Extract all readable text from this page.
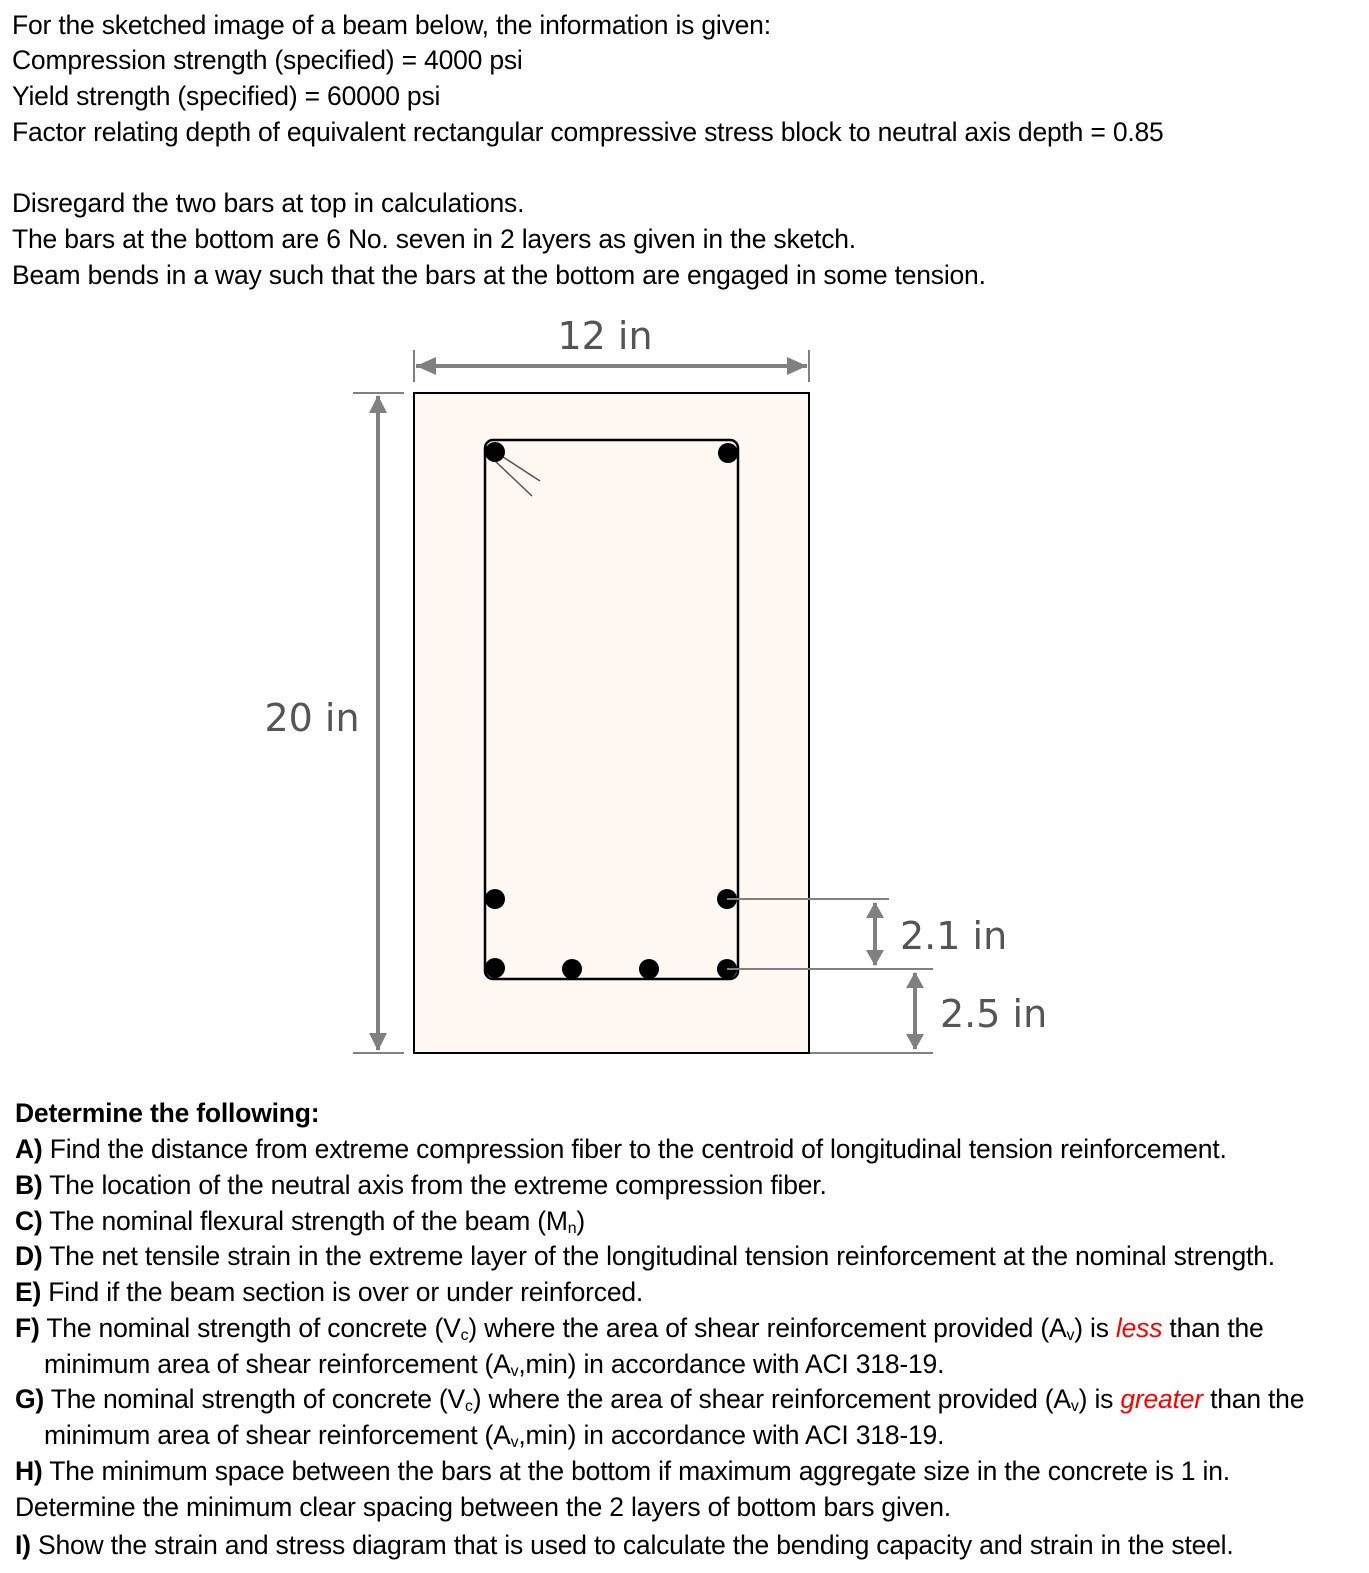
For the sketched image of a beam below, the information is given:
Compression strength (specified) = 4000 psi
Yield strength (specified) = 60000 psi
Factor relating depth of equivalent rectangular compressive stress block to neutral axis depth = 0.85
Disregard the two bars at top in calculations.
The bars at the bottom are 6 No. seven in 2 layers as given in the sketch.
Beam bends in a way such that the bars at the bottom are engaged in some tension.
12 in
20 in
2.1 in
2.5 in
Determine the following:
A) Find the distance from extreme compression fiber to the centroid of longitudinal tension reinforcement.
B) The location of the neutral axis from the extreme compression fiber.
C) The nominal flexural strength of the beam $(M_n)$
D) The net tensile strain in the extreme layer of the longitudinal tension reinforcement at the nominal strength.
E) Find if the beam section is over or under reinforced.
F) The nominal strength of concrete $(V_c)$ where the area of shear reinforcement provided $(A_v)$ is less than the
minimum area of shear reinforcement $(A_v,\min)$ in accordance with ACI 318-19.
G) The nominal strength of concrete $(V_c)$ where the area of shear reinforcement provided $(A_v)$ is greater than the
minimum area of shear reinforcement $(A_v,\min)$ in accordance with ACI 318-19.
H) The minimum space between the bars at the bottom if maximum aggregate size in the concrete is 1 in.
Determine the minimum clear spacing between the 2 layers of bottom bars given.
I) Show the strain and stress diagram that is used to calculate the bending capacity and strain in the steel.
